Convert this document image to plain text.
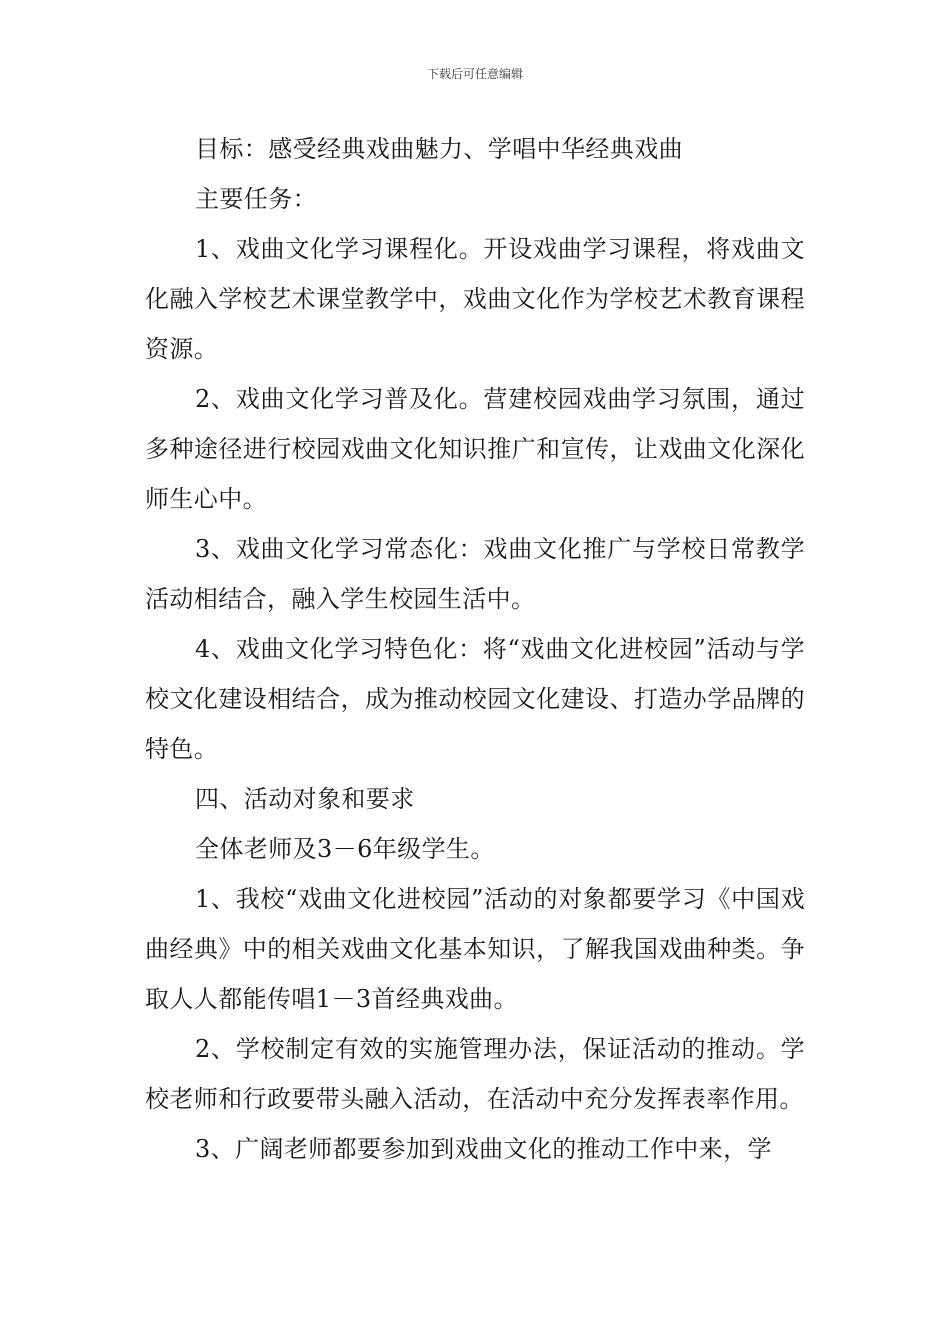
下载后可任意编辑

目标：感受经典戏曲魅力、学唱中华经典戏曲

主要任务：

1、戏曲文化学习课程化。开设戏曲学习课程，将戏曲文化融入学校艺术课堂教学中，戏曲文化作为学校艺术教育课程资源。

2、戏曲文化学习普及化。营建校园戏曲学习氛围，通过多种途径进行校园戏曲文化知识推广和宣传，让戏曲文化深化师生心中。

3、戏曲文化学习常态化：戏曲文化推广与学校日常教学活动相结合，融入学生校园生活中。

4、戏曲文化学习特色化：将“戏曲文化进校园”活动与学校文化建设相结合，成为推动校园文化建设、打造办学品牌的特色。

四、活动对象和要求

全体老师及3－6年级学生。

1、我校“戏曲文化进校园”活动的对象都要学习《中国戏曲经典》中的相关戏曲文化基本知识，了解我国戏曲种类。争取人人都能传唱1－3首经典戏曲。

2、学校制定有效的实施管理办法，保证活动的推动。学校老师和行政要带头融入活动，在活动中充分发挥表率作用。

3、广阔老师都要参加到戏曲文化的推动工作中来，学
